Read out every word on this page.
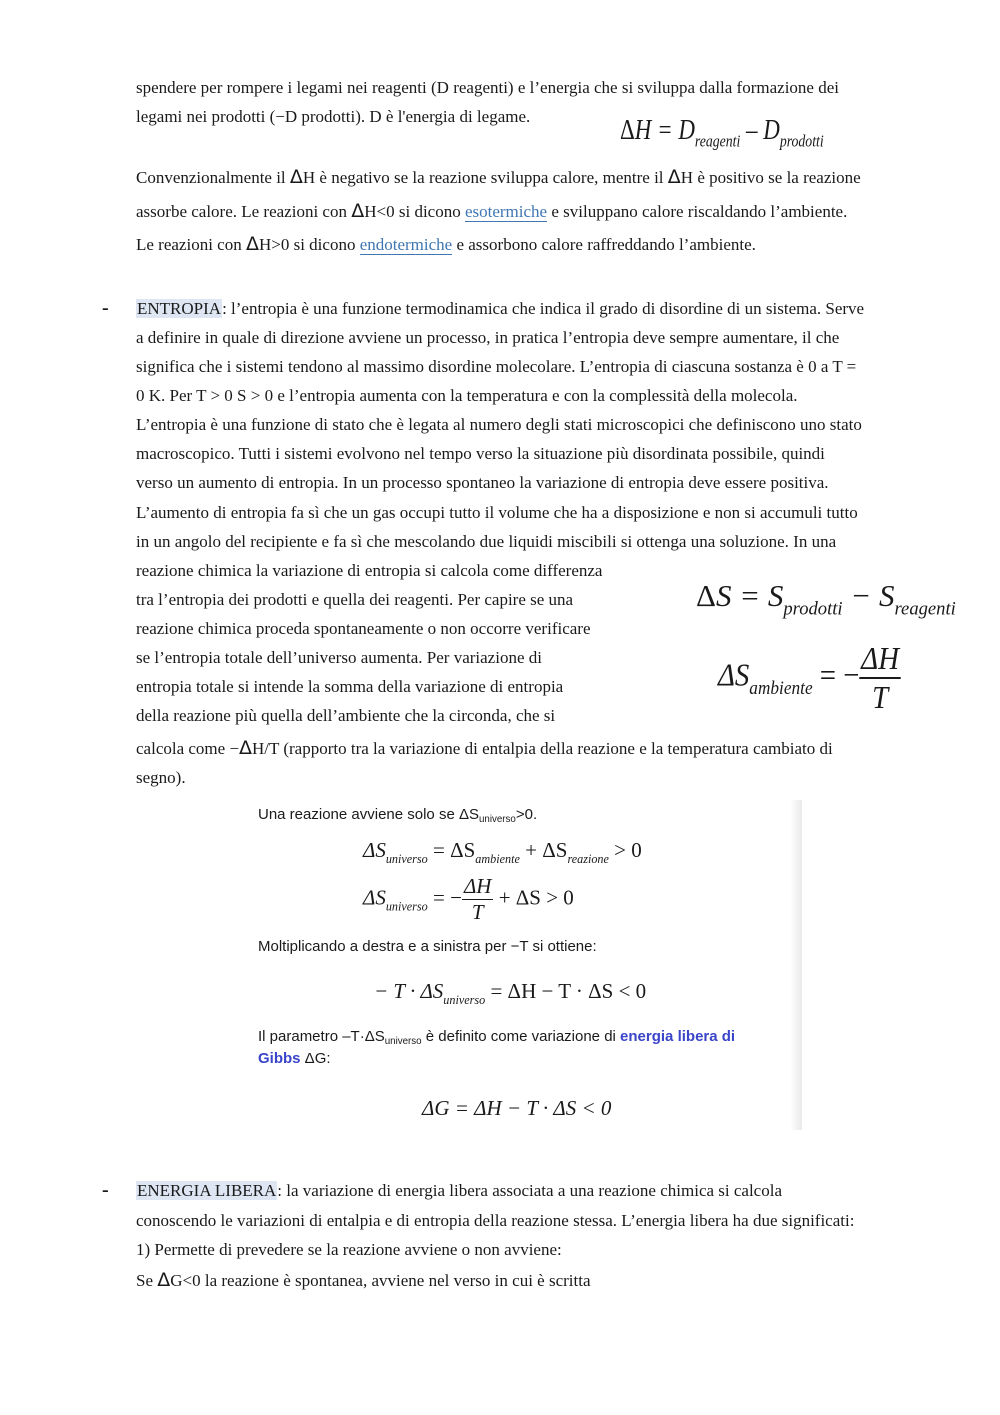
spendere per rompere i legami nei reagenti (D reagenti) e l’energia che si sviluppa dalla formazione dei
legami nei prodotti (−D prodotti). D è l'energia di legame.	$\Delta H = D_{reagenti} - D_{prodotti}$
Convenzionalmente il ΔH è negativo se la reazione sviluppa calore, mentre il ΔH è positivo se la reazione
assorbe calore. Le reazioni con ΔH<0 si dicono esotermiche e sviluppano calore riscaldando l’ambiente.
Le reazioni con ΔH>0 si dicono endotermiche e assorbono calore raffreddando l’ambiente.
- ENTROPIA: l’entropia è una funzione termodinamica che indica il grado di disordine di un sistema. Serve
a definire in quale di direzione avviene un processo, in pratica l’entropia deve sempre aumentare, il che
significa che i sistemi tendono al massimo disordine molecolare. L’entropia di ciascuna sostanza è 0 a T =
0 K. Per T > 0 S > 0 e l’entropia aumenta con la temperatura e con la complessità della molecola.
L’entropia è una funzione di stato che è legata al numero degli stati microscopici che definiscono uno stato
macroscopico. Tutti i sistemi evolvono nel tempo verso la situazione più disordinata possibile, quindi
verso un aumento di entropia. In un processo spontaneo la variazione di entropia deve essere positiva.
L’aumento di entropia fa sì che un gas occupi tutto il volume che ha a disposizione e non si accumuli tutto
in un angolo del recipiente e fa sì che mescolando due liquidi miscibili si ottenga una soluzione. In una
reazione chimica la variazione di entropia si calcola come differenza
tra l’entropia dei prodotti e quella dei reagenti. Per capire se una
reazione chimica proceda spontaneamente o non occorre verificare
se l’entropia totale dell’universo aumenta. Per variazione di
entropia totale si intende la somma della variazione di entropia
della reazione più quella dell’ambiente che la circonda, che si
calcola come −ΔH/T (rapporto tra la variazione di entalpia della reazione e la temperatura cambiato di
segno).
$\Delta S = S_{prodotti} - S_{reagenti}$
$\Delta S_{ambiente}$ = − $\frac{\Delta H}{T}$
Una reazione avviene solo se $\Delta S_{universo}>0$.
$\Delta S_{universo} = \Delta S_{ambiente} + \Delta S_{reazione} > 0$
$\Delta S_{universo}$ = − $\frac{\Delta H}{T} + \Delta S > 0$
Moltiplicando a destra e a sinistra per −T si ottiene:
− $T \cdot \Delta S_{universo} = \Delta H - T \cdot \Delta S < 0$
Il parametro $-T\cdot\Delta S_{universo}$ è definito come variazione di energia libera di
Gibbs ΔG:
ΔG = ΔH − T · ΔS < 0
- ENERGIA LIBERA: la variazione di energia libera associata a una reazione chimica si calcola
conoscendo le variazioni di entalpia e di entropia della reazione stessa. L’energia libera ha due significati:
1) Permette di prevedere se la reazione avviene o non avviene:
Se ΔG<0 la reazione è spontanea, avviene nel verso in cui è scritta
